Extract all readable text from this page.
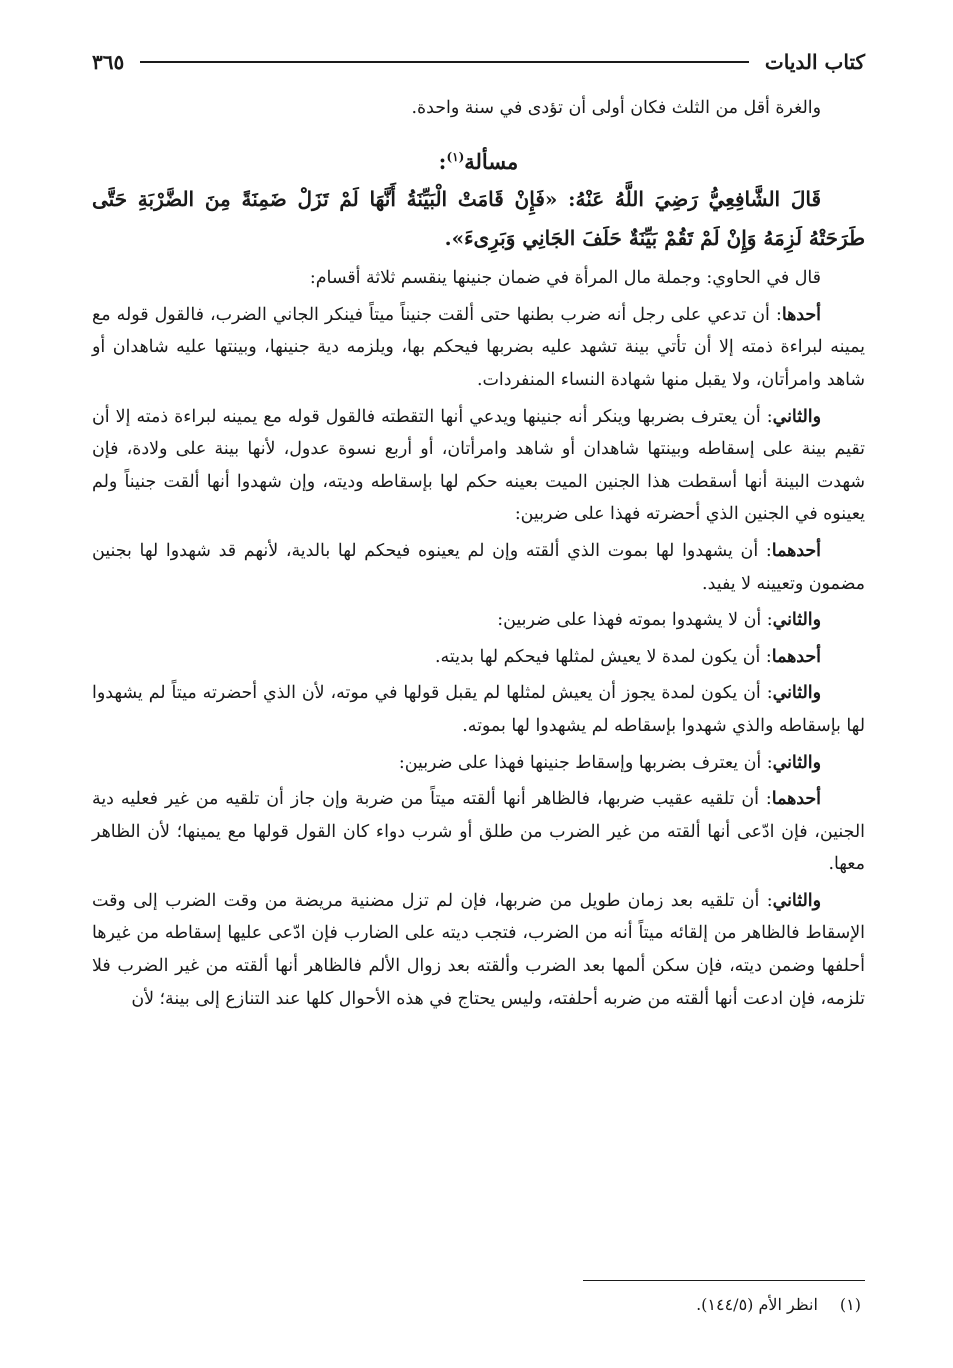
كتاب الديات
٣٦٥

والغرة أقل من الثلث فكان أولى أن تؤدى في سنة واحدة.

مسألة$^{(١)}$:

قَالَ الشَّافِعِيُّ رَضِيَ اللَّهُ عَنْهُ: «فَإِنْ قَامَتْ الْبَيِّنَةُ أَنَّهَا لَمْ تَزَلْ ضَمِنَةً مِنَ الضَّرْبَةِ حَتَّى طَرَحَتْهُ لَزِمَهُ وَإِنْ لَمْ تَقُمْ بَيِّنَةٌ حَلَفَ الجَانِي وَبَرِىءَ».

قال في الحاوي: وجملة مال المرأة في ضمان جنينها ينقسم ثلاثة أقسام:

أحدها: أن تدعي على رجل أنه ضرب بطنها حتى ألقت جنيناً ميتاً فينكر الجاني الضرب، فالقول قوله مع يمينه لبراءة ذمته إلا أن تأتي بينة تشهد عليه بضربها فيحكم بها، ويلزمه دية جنينها، وبينتها عليه شاهدان أو شاهد وامرأتان، ولا يقبل منها شهادة النساء المنفردات.

والثاني: أن يعترف بضربها وينكر أنه جنينها ويدعي أنها التقطته فالقول قوله مع يمينه لبراءة ذمته إلا أن تقيم بينة على إسقاطه وبينتها شاهدان أو شاهد وامرأتان، أو أربع نسوة عدول، لأنها بينة على ولادة، فإن شهدت البينة أنها أسقطت هذا الجنين الميت بعينه حكم لها بإسقاطه وديته، وإن شهدوا أنها ألقت جنيناً ولم يعينوه في الجنين الذي أحضرته فهذا على ضربين:

أحدهما: أن يشهدوا لها بموت الذي ألقته وإن لم يعينوه فيحكم لها بالدية، لأنهم قد شهدوا لها بجنين مضمون وتعيينه لا يفيد.

والثاني: أن لا يشهدوا بموته فهذا على ضربين:

أحدهما: أن يكون لمدة لا يعيش لمثلها فيحكم لها بديته.

والثاني: أن يكون لمدة يجوز أن يعيش لمثلها لم يقبل قولها في موته، لأن الذي أحضرته ميتاً لم يشهدوا لها بإسقاطه والذي شهدوا بإسقاطه لم يشهدوا لها بموته.

والثاني: أن يعترف بضربها وإسقاط جنينها فهذا على ضربين:

أحدهما: أن تلقيه عقيب ضربها، فالظاهر أنها ألقته ميتاً من ضربة وإن جاز أن تلقيه من غير فعليه دية الجنين، فإن ادّعى أنها ألقته من غير الضرب من طلق أو شرب دواء كان القول قولها مع يمينها؛ لأن الظاهر معها.

والثاني: أن تلقيه بعد زمان طويل من ضربها، فإن لم تزل مضنية مريضة من وقت الضرب إلى وقت الإسقاط فالظاهر من إلقائه ميتاً أنه من الضرب، فتجب ديته على الضارب فإن ادّعى عليها إسقاطه من غيرها أحلفها وضمن ديته، فإن سكن ألمها بعد الضرب وألقته بعد زوال الألم فالظاهر أنها ألقته من غير الضرب فلا تلزمه، فإن ادعت أنها ألقته من ضربه أحلفته، وليس يحتاج في هذه الأحوال كلها عند التنازع إلى بينة؛ لأن

(١)
انظر الأم (١٤٤/٥).
